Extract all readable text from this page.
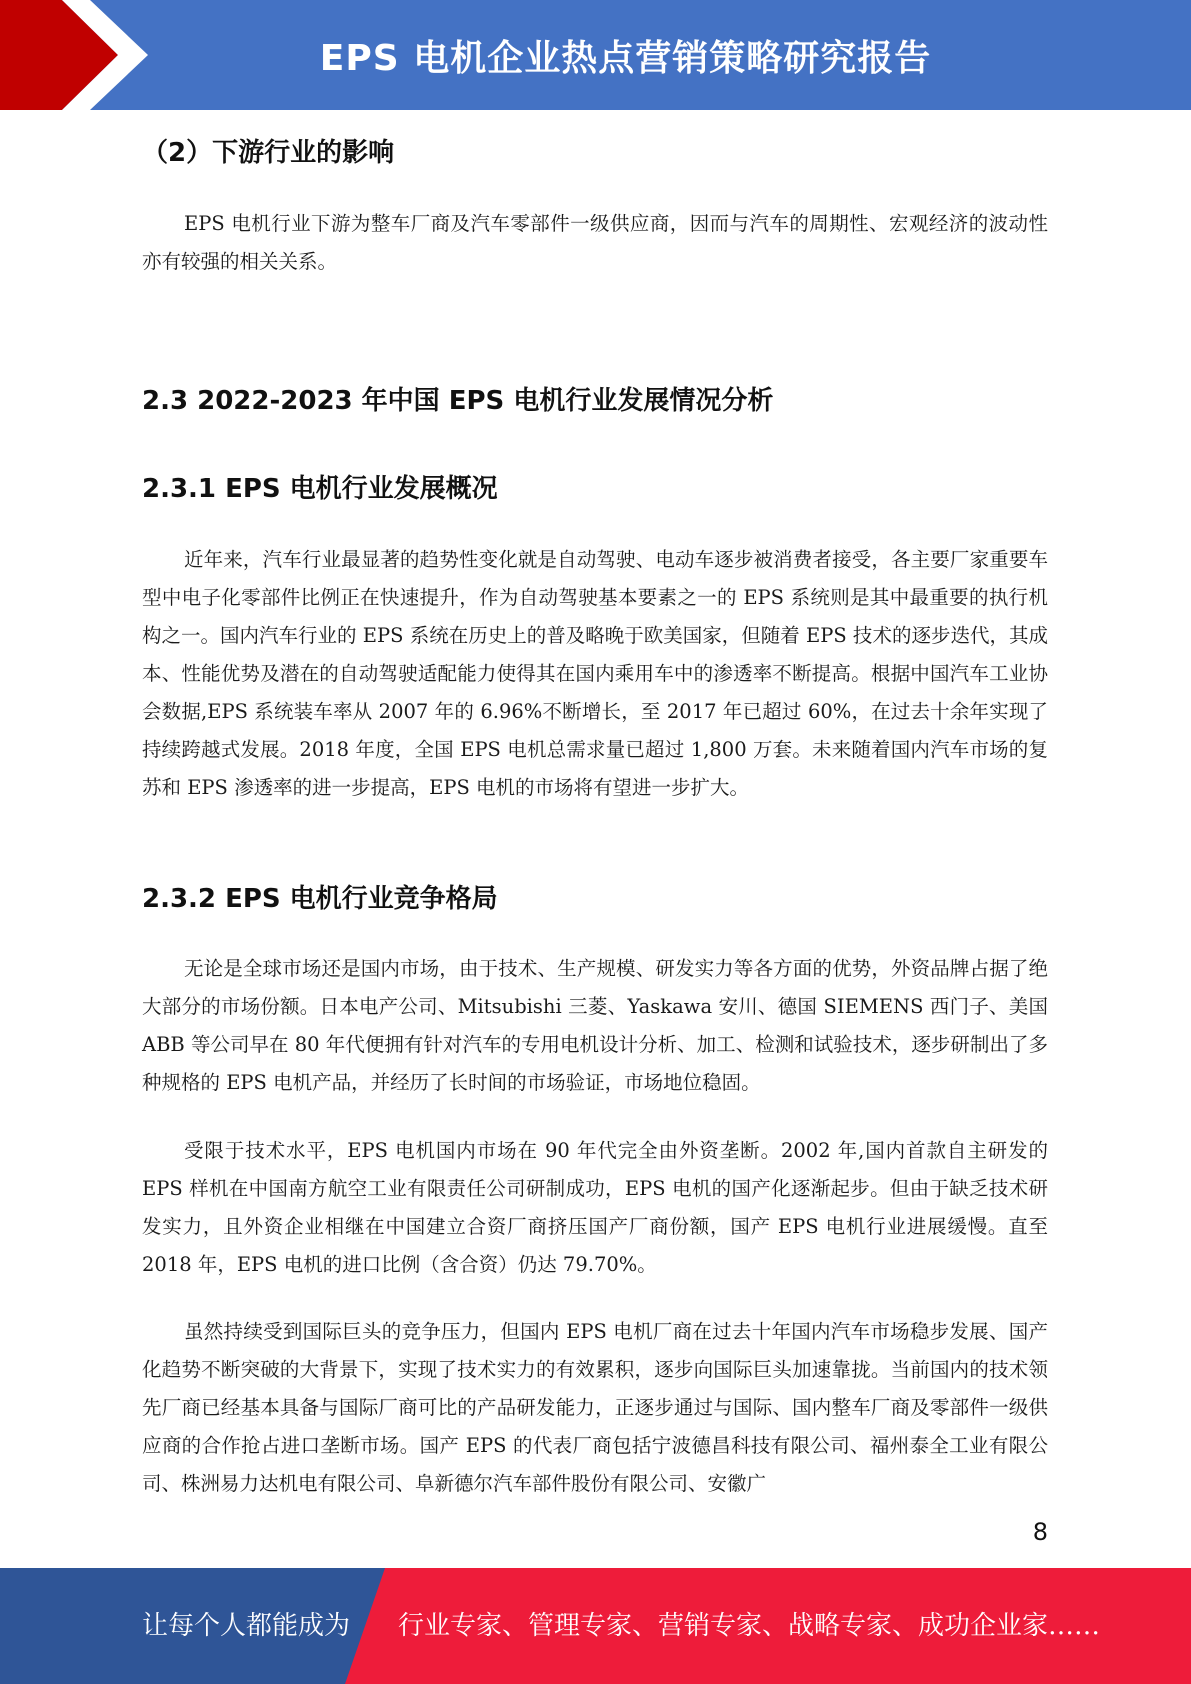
EPS 电机企业热点营销策略研究报告
（2）下游行业的影响

EPS 电机行业下游为整车厂商及汽车零部件一级供应商，因而与汽车的周期性、宏观经济的波动性亦有较强的相关关系。

2.3 2022-2023 年中国 EPS 电机行业发展情况分析
2.3.1 EPS 电机行业发展概况

近年来，汽车行业最显著的趋势性变化就是自动驾驶、电动车逐步被消费者接受，各主要厂家重要车型中电子化零部件比例正在快速提升，作为自动驾驶基本要素之一的 EPS 系统则是其中最重要的执行机构之一。国内汽车行业的 EPS 系统在历史上的普及略晚于欧美国家，但随着 EPS 技术的逐步迭代，其成本、性能优势及潜在的自动驾驶适配能力使得其在国内乘用车中的渗透率不断提高。根据中国汽车工业协会数据,EPS 系统装车率从 2007 年的 6.96%不断增长，至 2017 年已超过 60%，在过去十余年实现了持续跨越式发展。2018 年度，全国 EPS 电机总需求量已超过 1,800 万套。未来随着国内汽车市场的复苏和 EPS 渗透率的进一步提高，EPS 电机的市场将有望进一步扩大。

2.3.2 EPS 电机行业竞争格局

无论是全球市场还是国内市场，由于技术、生产规模、研发实力等各方面的优势，外资品牌占据了绝大部分的市场份额。日本电产公司、Mitsubishi 三菱、Yaskawa 安川、德国 SIEMENS 西门子、美国 ABB 等公司早在 80 年代便拥有针对汽车的专用电机设计分析、加工、检测和试验技术，逐步研制出了多种规格的 EPS 电机产品，并经历了长时间的市场验证，市场地位稳固。

受限于技术水平，EPS 电机国内市场在 90 年代完全由外资垄断。2002 年,国内首款自主研发的 EPS 样机在中国南方航空工业有限责任公司研制成功，EPS 电机的国产化逐渐起步。但由于缺乏技术研发实力，且外资企业相继在中国建立合资厂商挤压国产厂商份额，国产 EPS 电机行业进展缓慢。直至 2018 年，EPS 电机的进口比例（含合资）仍达 79.70%。

虽然持续受到国际巨头的竞争压力，但国内 EPS 电机厂商在过去十年国内汽车市场稳步发展、国产化趋势不断突破的大背景下，实现了技术实力的有效累积，逐步向国际巨头加速靠拢。当前国内的技术领先厂商已经基本具备与国际厂商可比的产品研发能力，正逐步通过与国际、国内整车厂商及零部件一级供应商的合作抢占进口垄断市场。国产 EPS 的代表厂商包括宁波德昌科技有限公司、福州泰全工业有限公司、株洲易力达机电有限公司、阜新德尔汽车部件股份有限公司、安徽广

8
让每个人都能成为 行业专家、管理专家、营销专家、战略专家、成功企业家……
